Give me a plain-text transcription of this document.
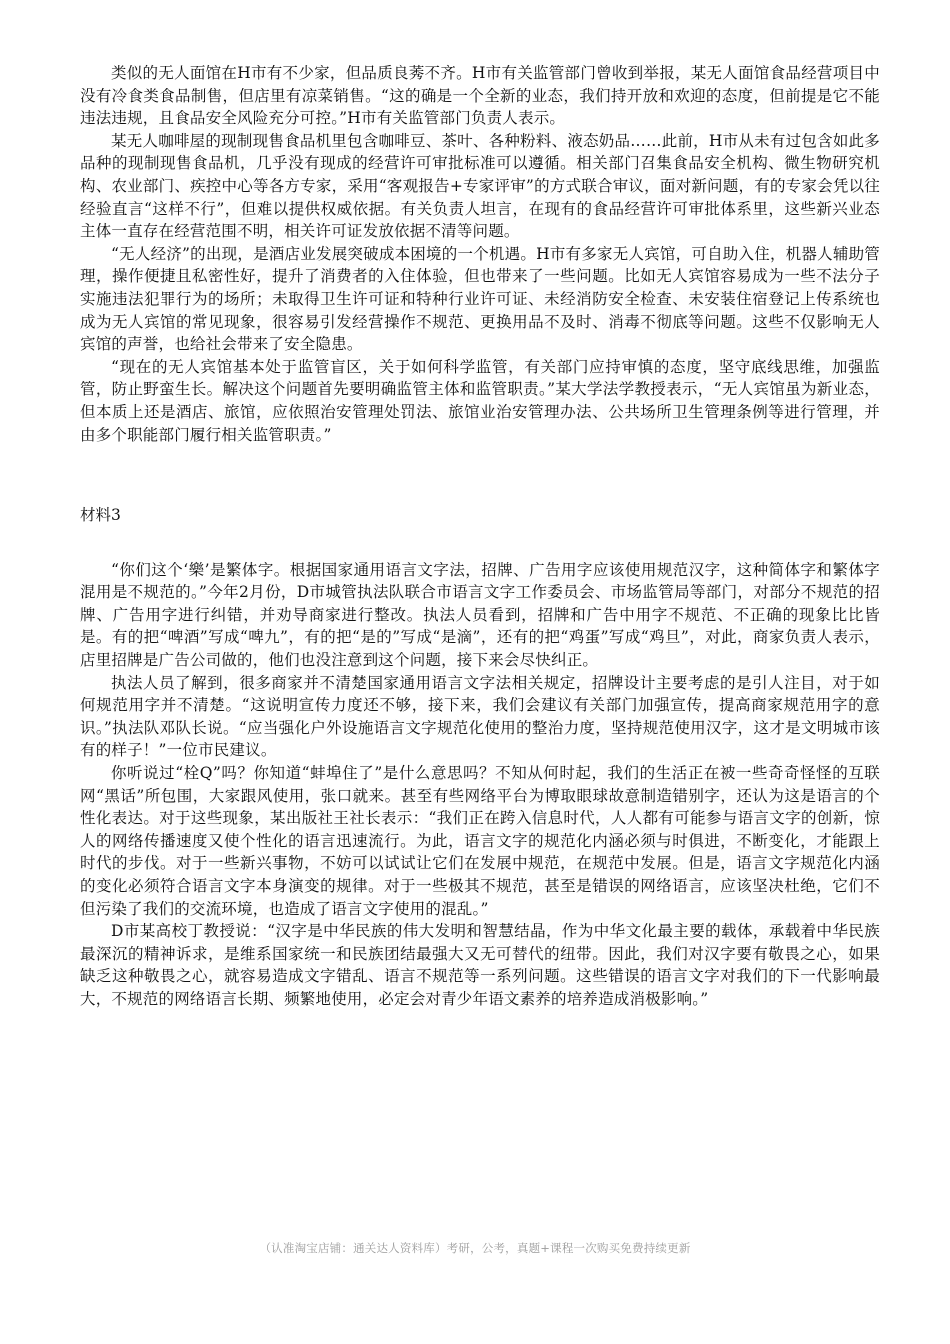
类似的无人面馆在H市有不少家，但品质良莠不齐。H市有关监管部门曾收到举报，某无人面馆食品经营项目中没有冷食类食品制售，但店里有凉菜销售。“这的确是一个全新的业态，我们持开放和欢迎的态度，但前提是它不能违法违规，且食品安全风险充分可控。”H市有关监管部门负责人表示。

某无人咖啡屋的现制现售食品机里包含咖啡豆、茶叶、各种粉料、液态奶品……此前，H市从未有过包含如此多品种的现制现售食品机，几乎没有现成的经营许可审批标准可以遵循。相关部门召集食品安全机构、微生物研究机构、农业部门、疾控中心等各方专家，采用“客观报告+专家评审”的方式联合审议，面对新问题，有的专家会凭以往经验直言“这样不行”，但难以提供权威依据。有关负责人坦言，在现有的食品经营许可审批体系里，这些新兴业态主体一直存在经营范围不明，相关许可证发放依据不清等问题。

“无人经济”的出现，是酒店业发展突破成本困境的一个机遇。H市有多家无人宾馆，可自助入住，机器人辅助管理，操作便捷且私密性好，提升了消费者的入住体验，但也带来了一些问题。比如无人宾馆容易成为一些不法分子实施违法犯罪行为的场所；未取得卫生许可证和特种行业许可证、未经消防安全检查、未安装住宿登记上传系统也成为无人宾馆的常见现象，很容易引发经营操作不规范、更换用品不及时、消毒不彻底等问题。这些不仅影响无人宾馆的声誉，也给社会带来了安全隐患。

“现在的无人宾馆基本处于监管盲区，关于如何科学监管，有关部门应持审慎的态度，坚守底线思维，加强监管，防止野蛮生长。解决这个问题首先要明确监管主体和监管职责。”某大学法学教授表示，“无人宾馆虽为新业态，但本质上还是酒店、旅馆，应依照治安管理处罚法、旅馆业治安管理办法、公共场所卫生管理条例等进行管理，并由多个职能部门履行相关监管职责。”

材料3

“你们这个‘樂’是繁体字。根据国家通用语言文字法，招牌、广告用字应该使用规范汉字，这种简体字和繁体字混用是不规范的。”今年2月份，D市城管执法队联合市语言文字工作委员会、市场监管局等部门，对部分不规范的招牌、广告用字进行纠错，并劝导商家进行整改。执法人员看到，招牌和广告中用字不规范、不正确的现象比比皆是。有的把“啤酒”写成“啤九”，有的把“是的”写成“是滴”，还有的把“鸡蛋”写成“鸡旦”，对此，商家负责人表示，店里招牌是广告公司做的，他们也没注意到这个问题，接下来会尽快纠正。

执法人员了解到，很多商家并不清楚国家通用语言文字法相关规定，招牌设计主要考虑的是引人注目，对于如何规范用字并不清楚。“这说明宣传力度还不够，接下来，我们会建议有关部门加强宣传，提高商家规范用字的意识。”执法队邓队长说。“应当强化户外设施语言文字规范化使用的整治力度，坚持规范使用汉字，这才是文明城市该有的样子！”一位市民建议。

你听说过“栓Q”吗？你知道“蚌埠住了”是什么意思吗？不知从何时起，我们的生活正在被一些奇奇怪怪的互联网“黑话”所包围，大家跟风使用，张口就来。甚至有些网络平台为博取眼球故意制造错别字，还认为这是语言的个性化表达。对于这些现象，某出版社王社长表示：“我们正在跨入信息时代，人人都有可能参与语言文字的创新，惊人的网络传播速度又使个性化的语言迅速流行。为此，语言文字的规范化内涵必须与时俱进，不断变化，才能跟上时代的步伐。对于一些新兴事物，不妨可以试试让它们在发展中规范，在规范中发展。但是，语言文字规范化内涵的变化必须符合语言文字本身演变的规律。对于一些极其不规范，甚至是错误的网络语言，应该坚决杜绝，它们不但污染了我们的交流环境，也造成了语言文字使用的混乱。”

D市某高校丁教授说：“汉字是中华民族的伟大发明和智慧结晶，作为中华文化最主要的载体，承载着中华民族最深沉的精神诉求，是维系国家统一和民族团结最强大又无可替代的纽带。因此，我们对汉字要有敬畏之心，如果缺乏这种敬畏之心，就容易造成文字错乱、语言不规范等一系列问题。这些错误的语言文字对我们的下一代影响最大，不规范的网络语言长期、频繁地使用，必定会对青少年语文素养的培养造成消极影响。”

（认准淘宝店铺：通关达人资料库）考研，公考，真题+课程一次购买免费持续更新
